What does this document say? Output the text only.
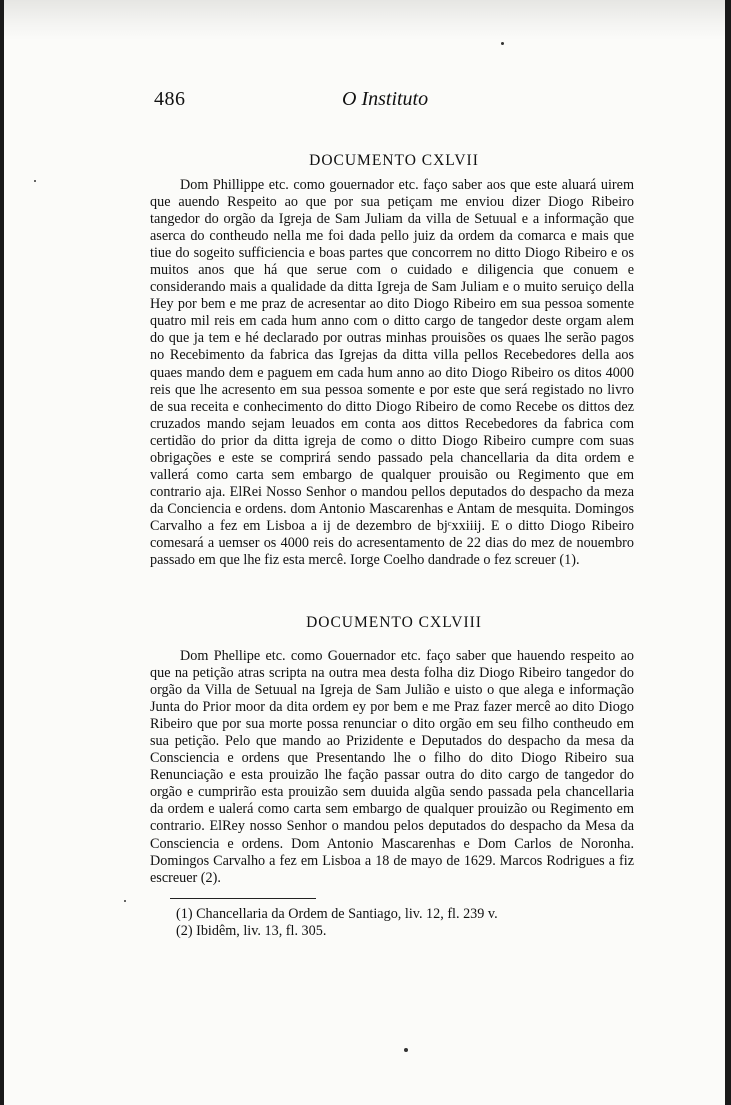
486	O Instituto
DOCUMENTO CXLVII

Dom Phillippe etc. como gouernador etc. faço saber aos que este aluará uirem que auendo Respeito ao que por sua petiçam me enviou dizer Diogo Ribeiro tangedor do orgão da Igreja de Sam Juliam da villa de Setuual e a informação que aserca do contheudo nella me foi dada pello juiz da ordem da comarca e mais que tiue do sogeito sufficiencia e boas partes que concorrem no ditto Diogo Ribeiro e os muitos anos que há que serue com o cuidado e diligencia que conuem e considerando mais a qualidade da ditta Igreja de Sam Juliam e o muito seruiço della Hey por bem e me praz de acresentar ao dito Diogo Ribeiro em sua pessoa somente quatro mil reis em cada hum anno com o ditto cargo de tangedor deste orgam alem do que ja tem e hé declarado por outras minhas prouisões os quaes lhe serão pagos no Recebimento da fabrica das Igrejas da ditta villa pellos Recebedores della aos quaes mando dem e paguem em cada hum anno ao dito Diogo Ribeiro os ditos 4000 reis que lhe acresento em sua pessoa somente e por este que será registado no livro de sua receita e conhecimento do ditto Diogo Ribeiro de como Recebe os dittos dez cruzados mando sejam leuados em conta aos dittos Recebedores da fabrica com certidão do prior da ditta igreja de como o ditto Diogo Ribeiro cumpre com suas obrigações e este se comprirá sendo passado pela chancellaria da dita ordem e vallerá como carta sem embargo de qualquer prouisão ou Regimento que em contrario aja. ElRei Nosso Senhor o mandou pellos deputados do despacho da meza da Conciencia e ordens. dom Antonio Mascarenhas e Antam de mesquita. Domingos Carvalho a fez em Lisboa a ij de dezembro de bjᶜxxiiij. E o ditto Diogo Ribeiro comesará a uemser os 4000 reis do acresentamento de 22 dias do mez de nouembro passado em que lhe fiz esta mercê. Iorge Coelho dandrade o fez screuer (1).

DOCUMENTO CXLVIII

Dom Phellipe etc. como Gouernador etc. faço saber que hauendo respeito ao que na petição atras scripta na outra mea desta folha diz Diogo Ribeiro tangedor do orgão da Villa de Setuual na Igreja de Sam Julião e uisto o que alega e informação Junta do Prior moor da dita ordem ey por bem e me Praz fazer mercê ao dito Diogo Ribeiro que por sua morte possa renunciar o dito orgão em seu filho contheudo em sua petição. Pelo que mando ao Prizidente e Deputados do despacho da mesa da Consciencia e ordens que Presentando lhe o filho do dito Diogo Ribeiro sua Renunciação e esta prouizão lhe fação passar outra do dito cargo de tangedor do orgão e cumprirão esta prouizão sem duuida algũa sendo passada pela chancellaria da ordem e ualerá como carta sem embargo de qualquer prouizão ou Regimento em contrario. ElRey nosso Senhor o mandou pelos deputados do despacho da Mesa da Consciencia e ordens. Dom Antonio Mascarenhas e Dom Carlos de Noronha. Domingos Carvalho a fez em Lisboa a 18 de mayo de 1629. Marcos Rodrigues a fiz escreuer (2).

(1) Chancellaria da Ordem de Santiago, liv. 12, fl. 239 v.
(2) Ibidêm, liv. 13, fl. 305.
